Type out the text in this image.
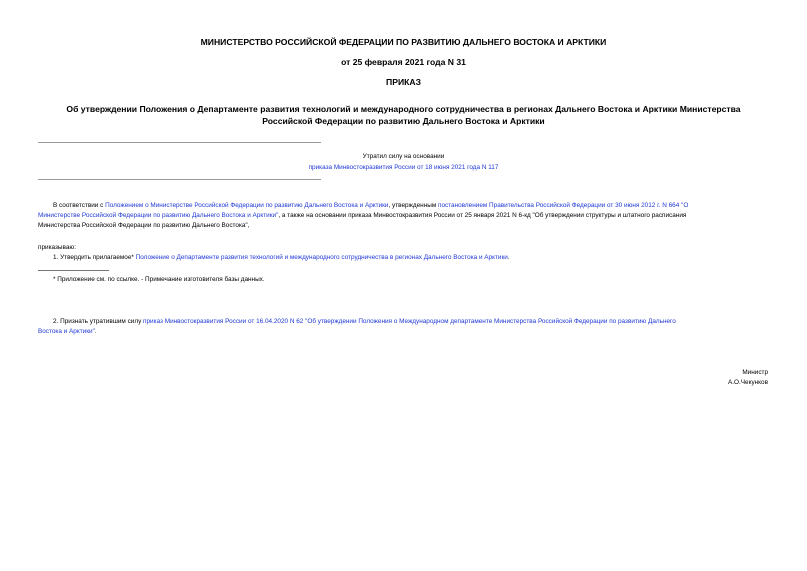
МИНИСТЕРСТВО РОССИЙСКОЙ ФЕДЕРАЦИИ ПО РАЗВИТИЮ ДАЛЬНЕГО ВОСТОКА И АРКТИКИ
от 25 февраля 2021 года N 31
ПРИКАЗ
Об утверждении Положения о Департаменте развития технологий и международного сотрудничества в регионах Дальнего Востока и Арктики Министерства
Российской Федерации по развитию Дальнего Востока и Арктики
Утратил силу на основании
приказа Минвостокразвития России от 18 июня 2021 года N 117
В соответствии с Положением о Министерстве Российской Федерации по развитию Дальнего Востока и Арктики, утвержденным постановлением Правительства Российской Федерации от 30 июня 2012 г. N 664 "О
Министерстве Российской Федерации по развитию Дальнего Востока и Арктики", а также на основании приказа Минвостокразвития России от 25 января 2021 N 6-кд "Об утверждении структуры и штатного расписания
Министерства Российской Федерации по развитию Дальнего Востока",
приказываю:
1. Утвердить прилагаемое* Положение о Департаменте развития технологий и международного сотрудничества в регионах Дальнего Востока и Арктики.
* Приложение см. по ссылке. - Примечание изготовителя базы данных.
2. Признать утратившим силу приказ Минвостокразвития России от 16.04.2020 N 62 "Об утверждении Положения о Международном департаменте Министерства Российской Федерации по развитию Дальнего
Востока и Арктики".
Министр
А.О.Чекунков
